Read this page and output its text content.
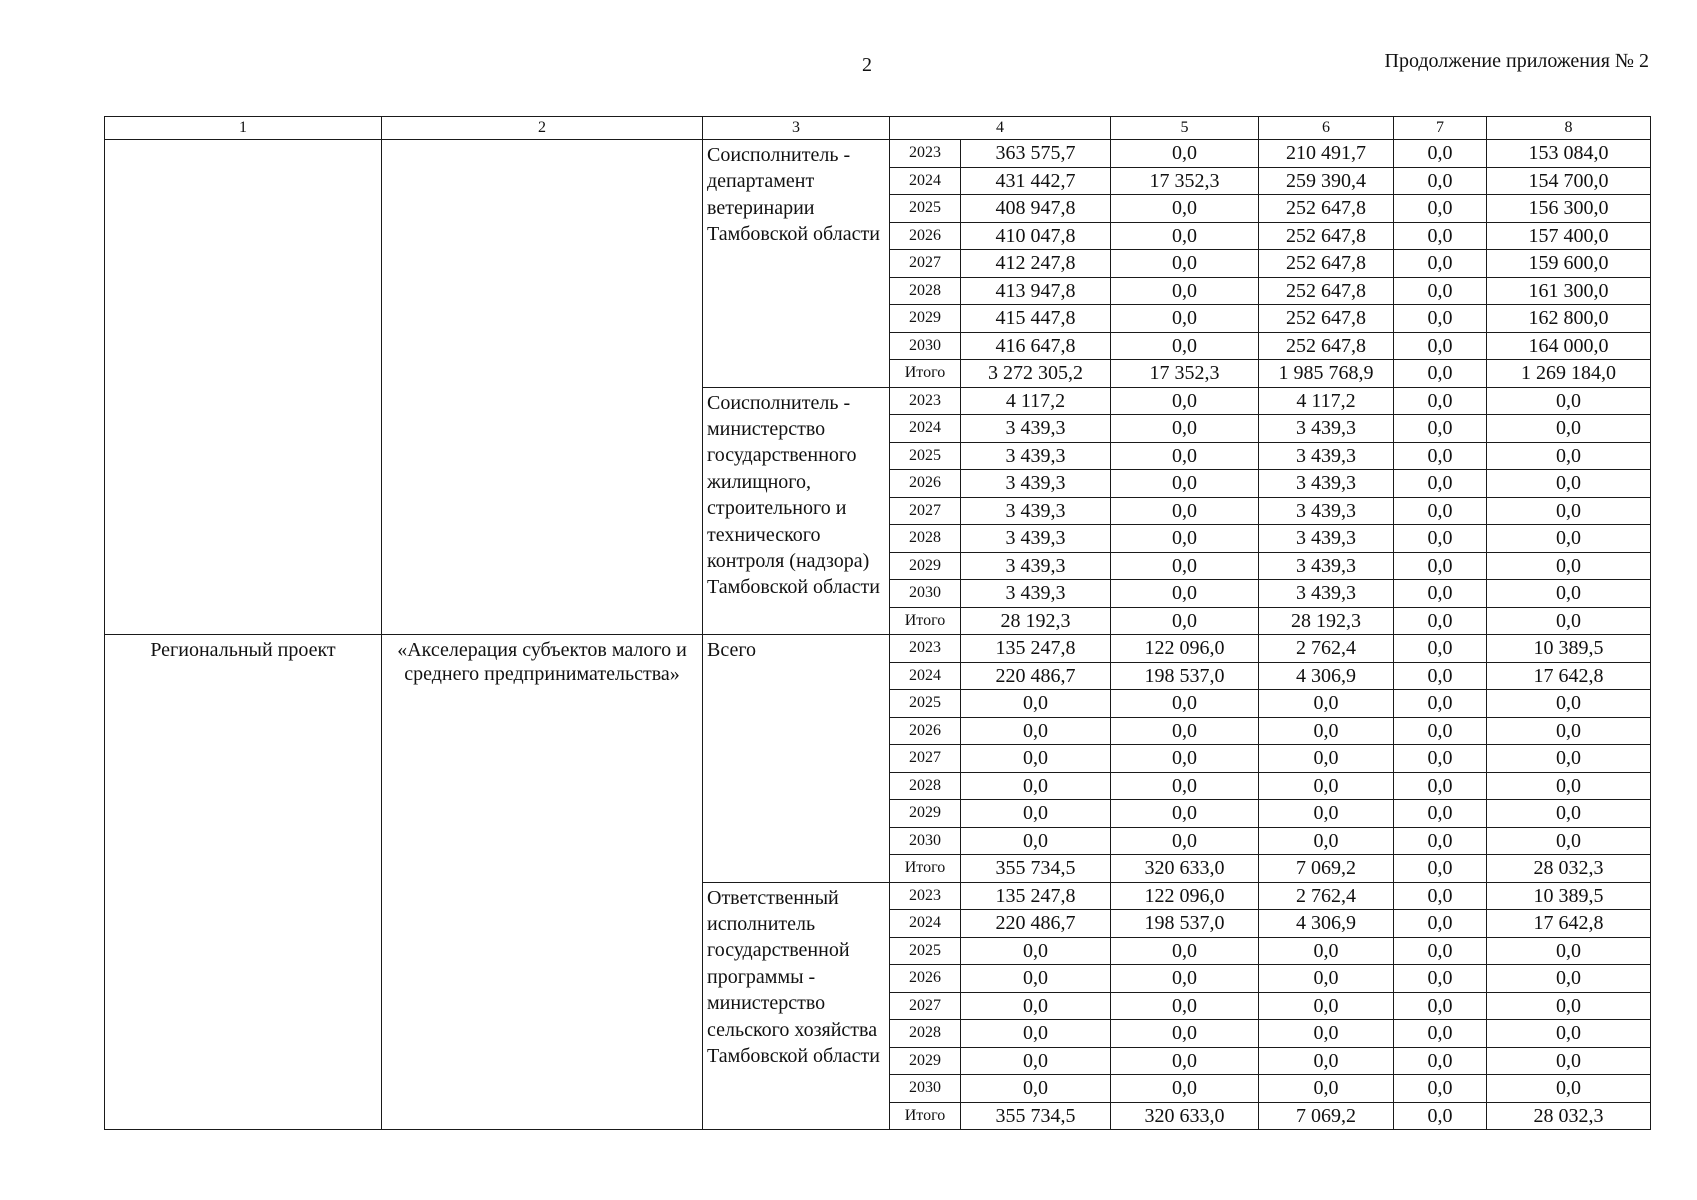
2	Продолжение приложения № 2
1	2	3	4		5	6	7	8
		Соисполнитель - департамент ветеринарии Тамбовской области	2023	363 575,7	0,0	210 491,7	0,0	153 084,0
			2024	431 442,7	17 352,3	259 390,4	0,0	154 700,0
			2025	408 947,8	0,0	252 647,8	0,0	156 300,0
			2026	410 047,8	0,0	252 647,8	0,0	157 400,0
			2027	412 247,8	0,0	252 647,8	0,0	159 600,0
			2028	413 947,8	0,0	252 647,8	0,0	161 300,0
			2029	415 447,8	0,0	252 647,8	0,0	162 800,0
			2030	416 647,8	0,0	252 647,8	0,0	164 000,0
			Итого	3 272 305,2	17 352,3	1 985 768,9	0,0	1 269 184,0
		Соисполнитель - министерство государственного жилищного, строительного и технического контроля (надзора) Тамбовской области	2023	4 117,2	0,0	4 117,2	0,0	0,0
			2024	3 439,3	0,0	3 439,3	0,0	0,0
			2025	3 439,3	0,0	3 439,3	0,0	0,0
			2026	3 439,3	0,0	3 439,3	0,0	0,0
			2027	3 439,3	0,0	3 439,3	0,0	0,0
			2028	3 439,3	0,0	3 439,3	0,0	0,0
			2029	3 439,3	0,0	3 439,3	0,0	0,0
			2030	3 439,3	0,0	3 439,3	0,0	0,0
			Итого	28 192,3	0,0	28 192,3	0,0	0,0
Региональный проект	«Акселерация субъектов малого и среднего предпринимательства»	Всего	2023	135 247,8	122 096,0	2 762,4	0,0	10 389,5
			2024	220 486,7	198 537,0	4 306,9	0,0	17 642,8
			2025	0,0	0,0	0,0	0,0	0,0
			2026	0,0	0,0	0,0	0,0	0,0
			2027	0,0	0,0	0,0	0,0	0,0
			2028	0,0	0,0	0,0	0,0	0,0
			2029	0,0	0,0	0,0	0,0	0,0
			2030	0,0	0,0	0,0	0,0	0,0
			Итого	355 734,5	320 633,0	7 069,2	0,0	28 032,3
		Ответственный исполнитель государственной программы - министерство сельского хозяйства Тамбовской области	2023	135 247,8	122 096,0	2 762,4	0,0	10 389,5
			2024	220 486,7	198 537,0	4 306,9	0,0	17 642,8
			2025	0,0	0,0	0,0	0,0	0,0
			2026	0,0	0,0	0,0	0,0	0,0
			2027	0,0	0,0	0,0	0,0	0,0
			2028	0,0	0,0	0,0	0,0	0,0
			2029	0,0	0,0	0,0	0,0	0,0
			2030	0,0	0,0	0,0	0,0	0,0
			Итого	355 734,5	320 633,0	7 069,2	0,0	28 032,3
